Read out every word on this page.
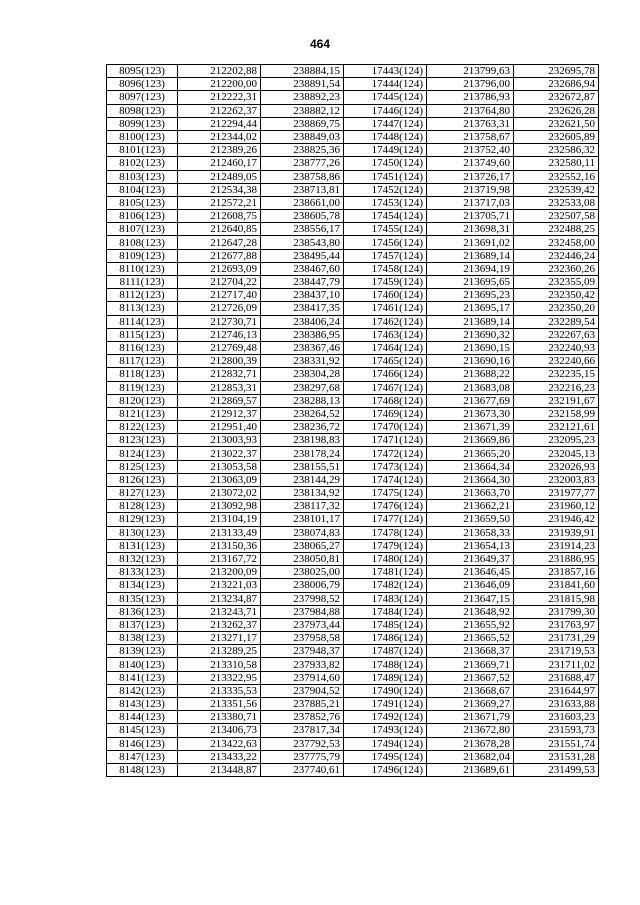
464
8095(123)	212202,88	238884,15	17443(124)	213799,63	232695,78
8096(123)	212200,00	238891,54	17444(124)	213796,00	232686,94
8097(123)	212222,31	238892,23	17445(124)	213786,93	232672,87
8098(123)	212262,37	238882,12	17446(124)	213764,80	232626,28
8099(123)	212294,44	238869,75	17447(124)	213763,31	232621,50
8100(123)	212344,02	238849,03	17448(124)	213758,67	232605,89
8101(123)	212389,26	238825,36	17449(124)	213752,40	232586,32
8102(123)	212460,17	238777,26	17450(124)	213749,60	232580,11
8103(123)	212489,05	238758,86	17451(124)	213726,17	232552,16
8104(123)	212534,38	238713,81	17452(124)	213719,98	232539,42
8105(123)	212572,21	238661,00	17453(124)	213717,03	232533,08
8106(123)	212608,75	238605,78	17454(124)	213705,71	232507,58
8107(123)	212640,85	238556,17	17455(124)	213698,31	232488,25
8108(123)	212647,28	238543,80	17456(124)	213691,02	232458,00
8109(123)	212677,88	238495,44	17457(124)	213689,14	232446,24
8110(123)	212693,09	238467,60	17458(124)	213694,19	232360,26
8111(123)	212704,22	238447,79	17459(124)	213695,65	232355,09
8112(123)	212717,40	238437,10	17460(124)	213695,23	232350,42
8113(123)	212726,09	238417,35	17461(124)	213695,17	232350,20
8114(123)	212730,71	238406,24	17462(124)	213689,14	232289,54
8115(123)	212746,13	238386,95	17463(124)	213690,32	232267,63
8116(123)	212769,48	238367,46	17464(124)	213690,15	232240,93
8117(123)	212800,39	238331,92	17465(124)	213690,16	232240,66
8118(123)	212832,71	238304,28	17466(124)	213688,22	232235,15
8119(123)	212853,31	238297,68	17467(124)	213683,08	232216,23
8120(123)	212869,57	238288,13	17468(124)	213677,69	232191,67
8121(123)	212912,37	238264,52	17469(124)	213673,30	232158,99
8122(123)	212951,40	238236,72	17470(124)	213671,39	232121,61
8123(123)	213003,93	238198,83	17471(124)	213669,86	232095,23
8124(123)	213022,37	238178,24	17472(124)	213665,20	232045,13
8125(123)	213053,58	238155,51	17473(124)	213664,34	232026,93
8126(123)	213063,09	238144,29	17474(124)	213664,30	232003,83
8127(123)	213072,02	238134,92	17475(124)	213663,70	231977,77
8128(123)	213092,98	238117,32	17476(124)	213662,21	231960,12
8129(123)	213104,19	238101,17	17477(124)	213659,50	231946,42
8130(123)	213133,49	238074,83	17478(124)	213658,33	231939,91
8131(123)	213150,36	238065,27	17479(124)	213654,13	231914,23
8132(123)	213167,72	238050,81	17480(124)	213649,37	231886,95
8133(123)	213200,09	238025,00	17481(124)	213646,45	231857,16
8134(123)	213221,03	238006,79	17482(124)	213646,09	231841,60
8135(123)	213234,87	237998,52	17483(124)	213647,15	231815,98
8136(123)	213243,71	237984,88	17484(124)	213648,92	231799,30
8137(123)	213262,37	237973,44	17485(124)	213655,92	231763,97
8138(123)	213271,17	237958,58	17486(124)	213665,52	231731,29
8139(123)	213289,25	237948,37	17487(124)	213668,37	231719,53
8140(123)	213310,58	237933,82	17488(124)	213669,71	231711,02
8141(123)	213322,95	237914,60	17489(124)	213667,52	231688,47
8142(123)	213335,53	237904,52	17490(124)	213668,67	231644,97
8143(123)	213351,56	237885,21	17491(124)	213669,27	231633,88
8144(123)	213380,71	237852,76	17492(124)	213671,79	231603,23
8145(123)	213406,73	237817,34	17493(124)	213672,80	231593,73
8146(123)	213422,63	237792,53	17494(124)	213678,28	231551,74
8147(123)	213433,22	237775,79	17495(124)	213682,04	231531,28
8148(123)	213448,87	237740,61	17496(124)	213689,61	231499,53
